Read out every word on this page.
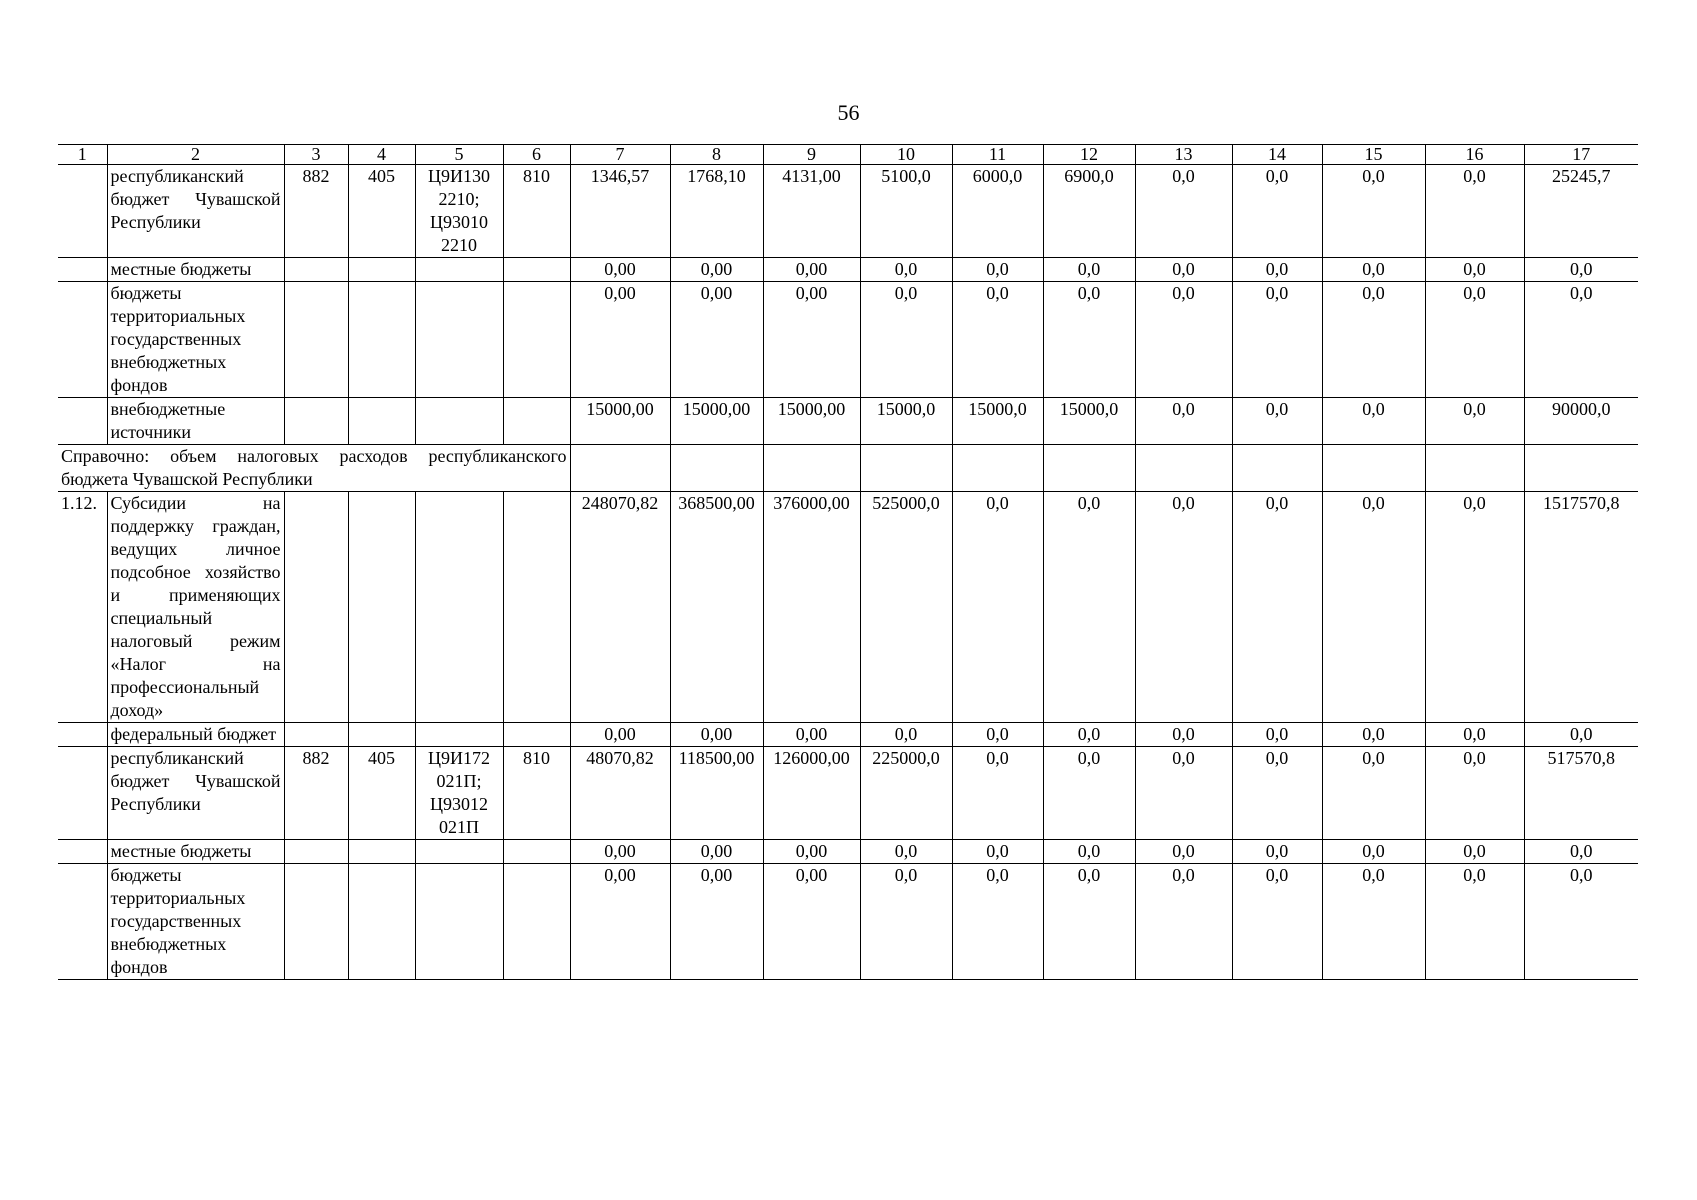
56
1	2	3	4	5	6	7	8	9	10	11	12	13	14	15	16	17
	республиканский бюджет Чувашской Республики	882	405	Ц9И130 2210; Ц93010 2210	810	1346,57	1768,10	4131,00	5100,0	6000,0	6900,0	0,0	0,0	0,0	0,0	25245,7
	местные бюджеты					0,00	0,00	0,00	0,0	0,0	0,0	0,0	0,0	0,0	0,0	0,0
	бюджеты территориальных государственных внебюджетных фондов					0,00	0,00	0,00	0,0	0,0	0,0	0,0	0,0	0,0	0,0	0,0
	внебюджетные источники					15000,00	15000,00	15000,00	15000,0	15000,0	15000,0	0,0	0,0	0,0	0,0	90000,0
Справочно: объем налоговых расходов республиканского бюджета Чувашской Республики																
1.12.	Субсидии на поддержку граждан, ведущих личное подсобное хозяйство и применяющих специальный налоговый режим «Налог на профессиональный доход»					248070,82	368500,00	376000,00	525000,0	0,0	0,0	0,0	0,0	0,0	0,0	1517570,8
	федеральный бюджет					0,00	0,00	0,00	0,0	0,0	0,0	0,0	0,0	0,0	0,0	0,0
	республиканский бюджет Чувашской Республики	882	405	Ц9И172 021П; Ц93012 021П	810	48070,82	118500,00	126000,00	225000,0	0,0	0,0	0,0	0,0	0,0	0,0	517570,8
	местные бюджеты					0,00	0,00	0,00	0,0	0,0	0,0	0,0	0,0	0,0	0,0	0,0
	бюджеты территориальных государственных внебюджетных фондов					0,00	0,00	0,00	0,0	0,0	0,0	0,0	0,0	0,0	0,0	0,0
